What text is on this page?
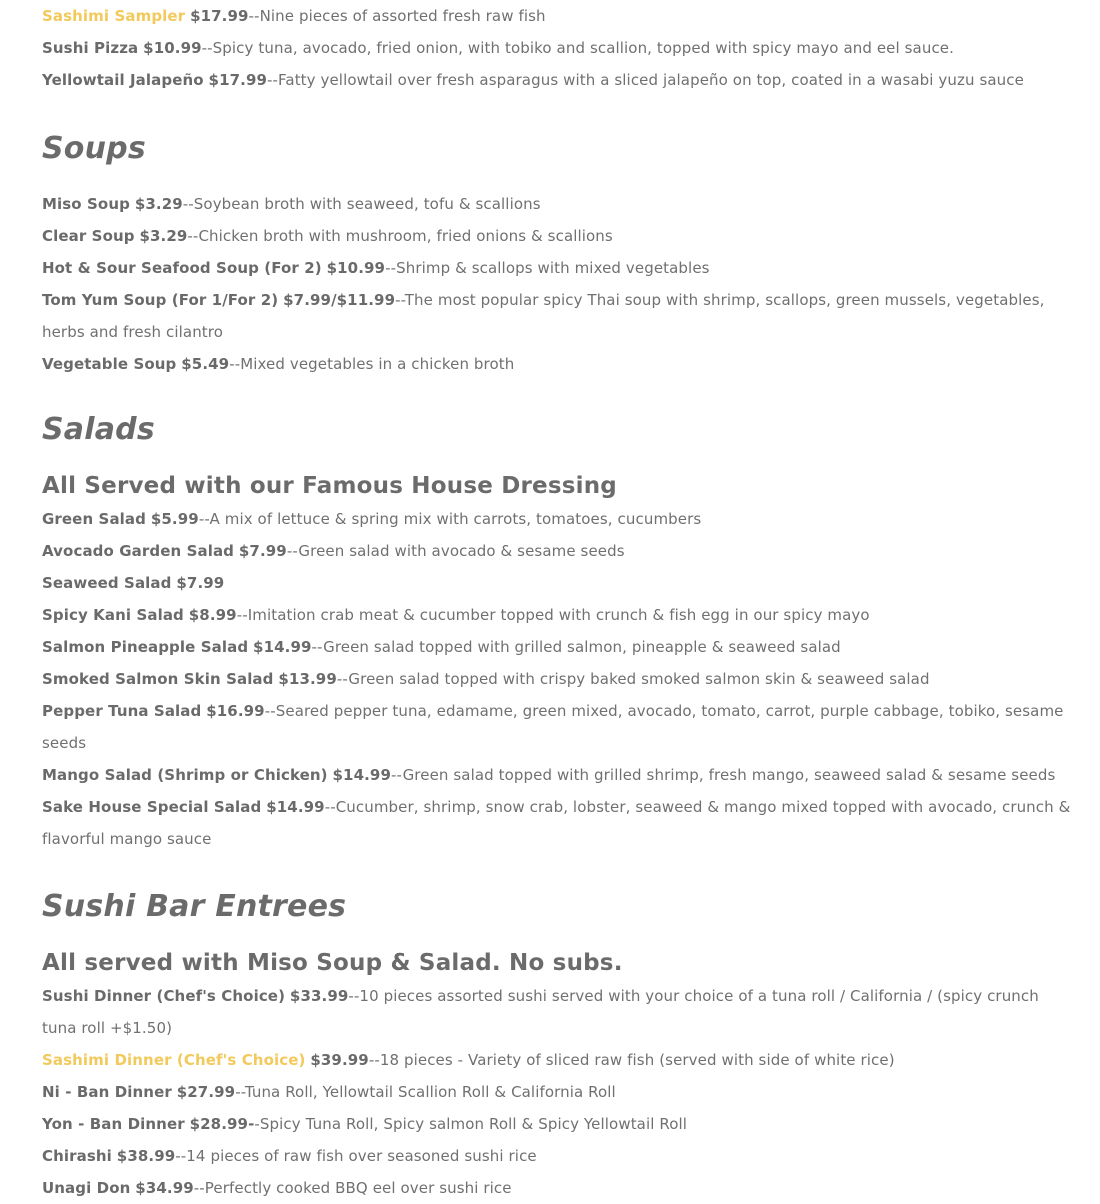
Sashimi Sampler $17.99--Nine pieces of assorted fresh raw fish
Sushi Pizza $10.99--Spicy tuna, avocado, fried onion, with tobiko and scallion, topped with spicy mayo and eel sauce.
Yellowtail Jalapeño $17.99--Fatty yellowtail over fresh asparagus with a sliced jalapeño on top, coated in a wasabi yuzu sauce
Soups
Miso Soup $3.29--Soybean broth with seaweed, tofu & scallions
Clear Soup $3.29--Chicken broth with mushroom, fried onions & scallions
Hot & Sour Seafood Soup (For 2) $10.99--Shrimp & scallops with mixed vegetables
Tom Yum Soup (For 1/For 2) $7.99/$11.99--The most popular spicy Thai soup with shrimp, scallops, green mussels, vegetables, herbs and fresh cilantro
Vegetable Soup $5.49--Mixed vegetables in a chicken broth
Salads
All Served with our Famous House Dressing
Green Salad $5.99--A mix of lettuce & spring mix with carrots, tomatoes, cucumbers
Avocado Garden Salad $7.99--Green salad with avocado & sesame seeds
Seaweed Salad $7.99
Spicy Kani Salad $8.99--Imitation crab meat & cucumber topped with crunch & fish egg in our spicy mayo
Salmon Pineapple Salad $14.99--Green salad topped with grilled salmon, pineapple & seaweed salad
Smoked Salmon Skin Salad $13.99--Green salad topped with crispy baked smoked salmon skin & seaweed salad
Pepper Tuna Salad $16.99--Seared pepper tuna, edamame, green mixed, avocado, tomato, carrot, purple cabbage, tobiko, sesame seeds
Mango Salad (Shrimp or Chicken) $14.99--Green salad topped with grilled shrimp, fresh mango, seaweed salad & sesame seeds
Sake House Special Salad $14.99--Cucumber, shrimp, snow crab, lobster, seaweed & mango mixed topped with avocado, crunch & flavorful mango sauce
Sushi Bar Entrees
All served with Miso Soup & Salad. No subs.
Sushi Dinner (Chef's Choice) $33.99--10 pieces assorted sushi served with your choice of a tuna roll / California / (spicy crunch tuna roll +$1.50)
Sashimi Dinner (Chef's Choice) $39.99--18 pieces - Variety of sliced raw fish (served with side of white rice)
Ni - Ban Dinner $27.99--Tuna Roll, Yellowtail Scallion Roll & California Roll
Yon - Ban Dinner $28.99--Spicy Tuna Roll, Spicy salmon Roll & Spicy Yellowtail Roll
Chirashi $38.99--14 pieces of raw fish over seasoned sushi rice
Unagi Don $34.99--Perfectly cooked BBQ eel over sushi rice
